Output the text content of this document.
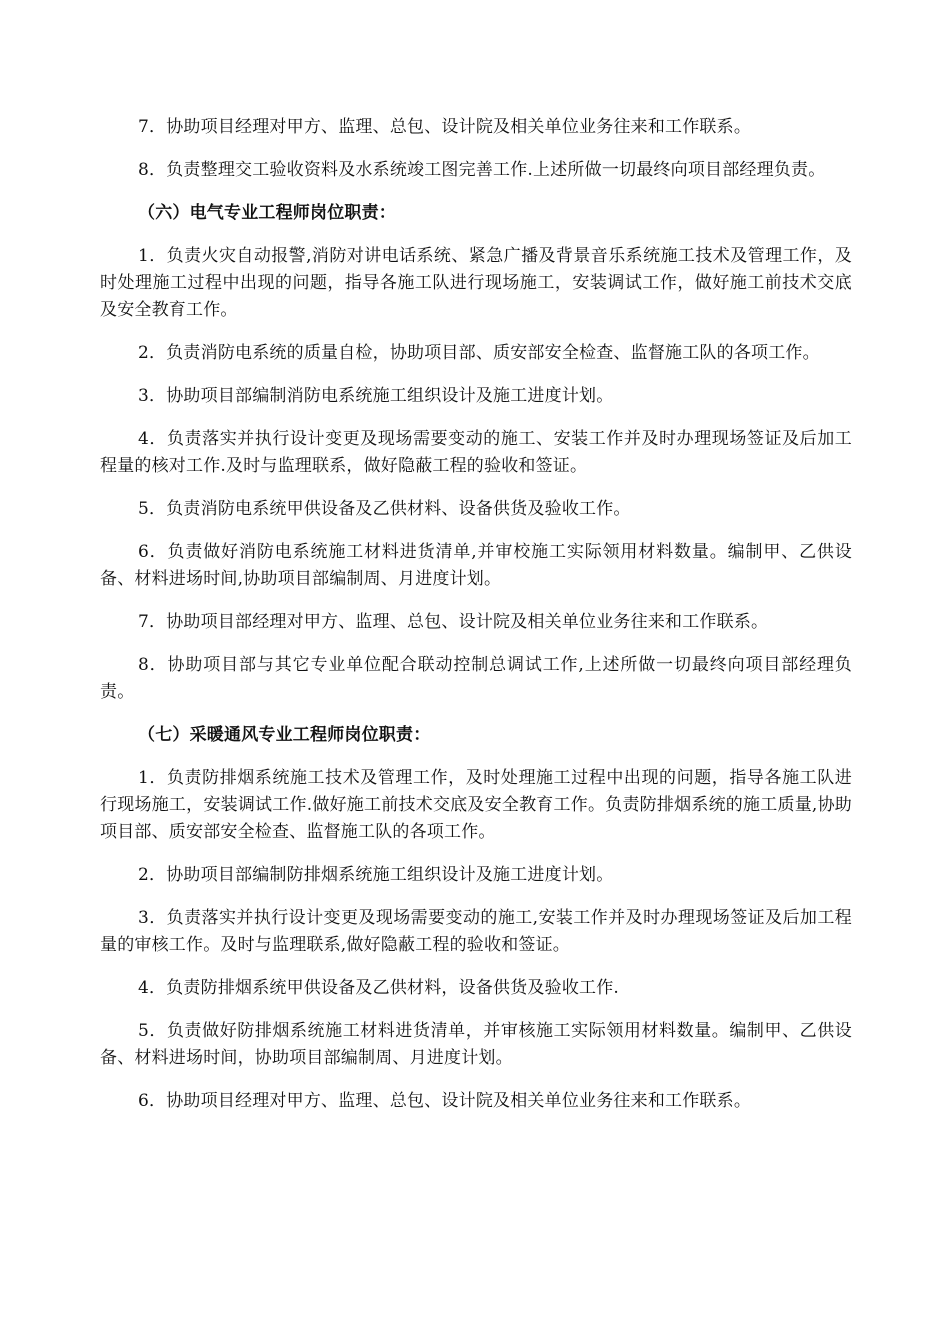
7．协助项目经理对甲方、监理、总包、设计院及相关单位业务往来和工作联系。

8．负责整理交工验收资料及水系统竣工图完善工作.上述所做一切最终向项目部经理负责。

（六）电气专业工程师岗位职责：

1．负责火灾自动报警,消防对讲电话系统、紧急广播及背景音乐系统施工技术及管理工作，及时处理施工过程中出现的问题，指导各施工队进行现场施工，安装调试工作，做好施工前技术交底及安全教育工作。

2．负责消防电系统的质量自检，协助项目部、质安部安全检查、监督施工队的各项工作。

3．协助项目部编制消防电系统施工组织设计及施工进度计划。

4．负责落实并执行设计变更及现场需要变动的施工、安装工作并及时办理现场签证及后加工程量的核对工作.及时与监理联系，做好隐蔽工程的验收和签证。

5．负责消防电系统甲供设备及乙供材料、设备供货及验收工作。

6．负责做好消防电系统施工材料进货清单,并审校施工实际领用材料数量。编制甲、乙供设备、材料进场时间,协助项目部编制周、月进度计划。

7．协助项目部经理对甲方、监理、总包、设计院及相关单位业务往来和工作联系。

8．协助项目部与其它专业单位配合联动控制总调试工作,上述所做一切最终向项目部经理负责。

（七）采暖通风专业工程师岗位职责：

1．负责防排烟系统施工技术及管理工作，及时处理施工过程中出现的问题，指导各施工队进行现场施工，安装调试工作.做好施工前技术交底及安全教育工作。负责防排烟系统的施工质量,协助项目部、质安部安全检查、监督施工队的各项工作。

2．协助项目部编制防排烟系统施工组织设计及施工进度计划。

3．负责落实并执行设计变更及现场需要变动的施工,安装工作并及时办理现场签证及后加工程量的审核工作。及时与监理联系,做好隐蔽工程的验收和签证。

4．负责防排烟系统甲供设备及乙供材料，设备供货及验收工作.

5．负责做好防排烟系统施工材料进货清单，并审核施工实际领用材料数量。编制甲、乙供设备、材料进场时间，协助项目部编制周、月进度计划。

6．协助项目经理对甲方、监理、总包、设计院及相关单位业务往来和工作联系。
